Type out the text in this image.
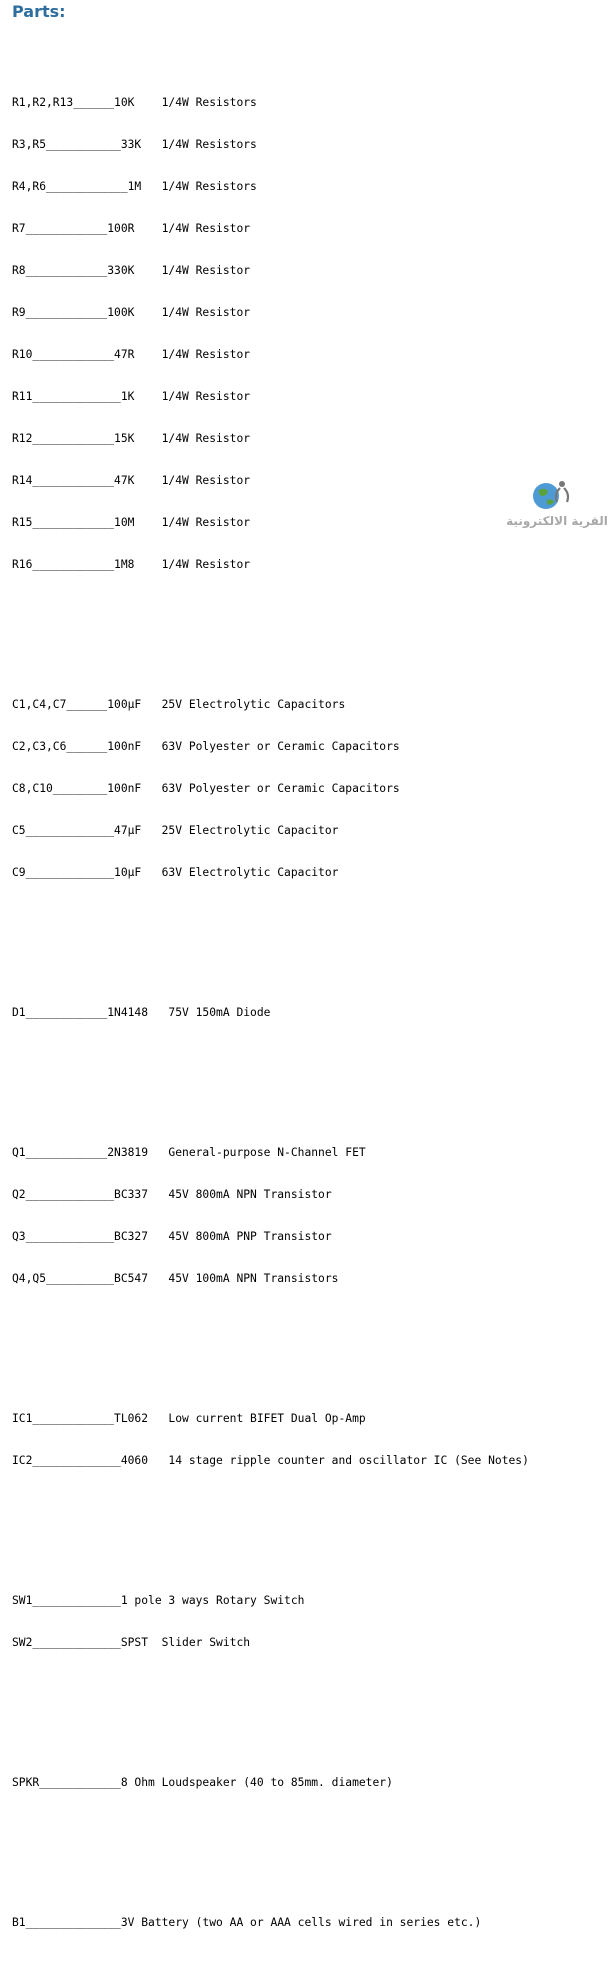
Parts:

R1,R2,R13______10K    1/4W Resistors

R3,R5___________33K   1/4W Resistors

R4,R6____________1M   1/4W Resistors

R7____________100R    1/4W Resistor

R8____________330K    1/4W Resistor

R9____________100K    1/4W Resistor

R10____________47R    1/4W Resistor

R11_____________1K    1/4W Resistor

R12____________15K    1/4W Resistor

R14____________47K    1/4W Resistor

R15____________10M    1/4W Resistor

R16____________1M8    1/4W Resistor

C1,C4,C7______100µF   25V Electrolytic Capacitors

C2,C3,C6______100nF   63V Polyester or Ceramic Capacitors

C8,C10________100nF   63V Polyester or Ceramic Capacitors

C5_____________47µF   25V Electrolytic Capacitor

C9_____________10µF   63V Electrolytic Capacitor

D1____________1N4148   75V 150mA Diode

Q1____________2N3819   General-purpose N-Channel FET

Q2_____________BC337   45V 800mA NPN Transistor

Q3_____________BC327   45V 800mA PNP Transistor

Q4,Q5__________BC547   45V 100mA NPN Transistors

IC1____________TL062   Low current BIFET Dual Op-Amp

IC2_____________4060   14 stage ripple counter and oscillator IC (See Notes)

SW1_____________1 pole 3 ways Rotary Switch

SW2_____________SPST  Slider Switch

SPKR____________8 Ohm Loudspeaker (40 to 85mm. diameter)

B1______________3V Battery (two AA or AAA cells wired in series etc.)

القرية الالكترونية
